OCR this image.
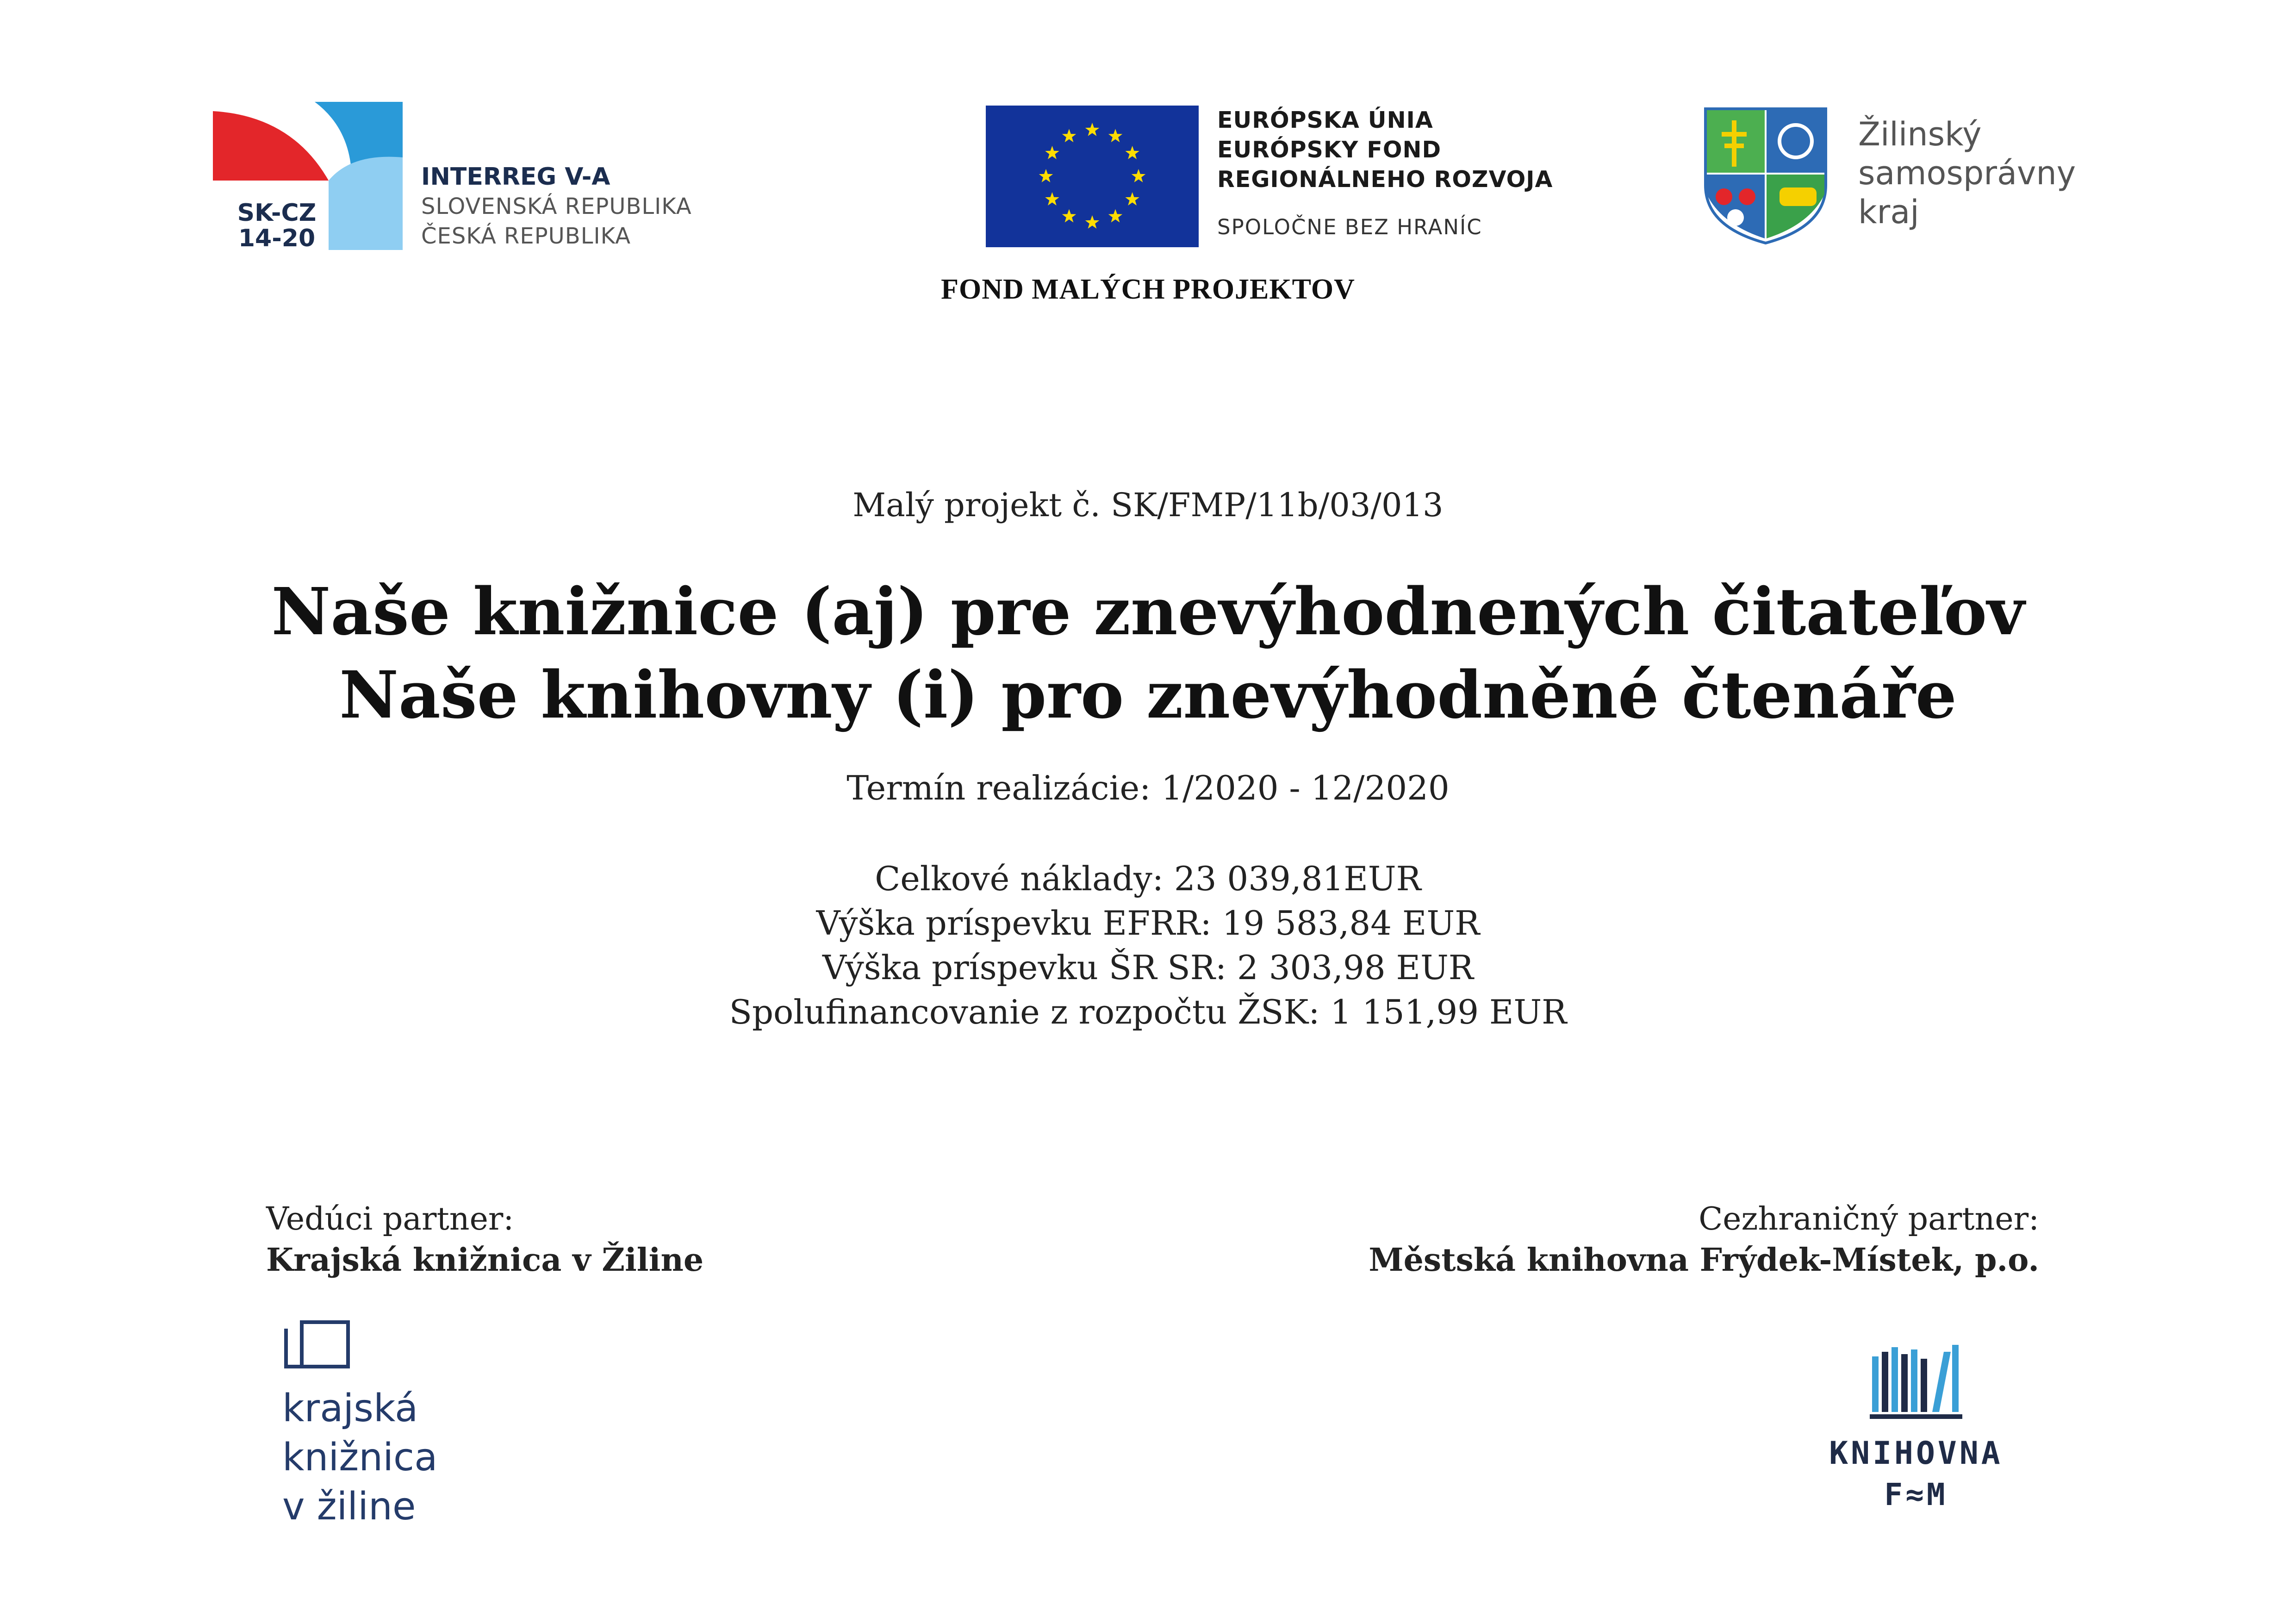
SK-CZ
14-20
INTERREG V-A
SLOVENSKÁ REPUBLIKA
ČESKÁ REPUBLIKA
EURÓPSKA ÚNIA
EURÓPSKY FOND
REGIONÁLNEHO ROZVOJA
SPOLOČNE BEZ HRANÍC
Žilinský
samosprávny
kraj
FOND MALÝCH PROJEKTOV
Malý projekt č. SK/FMP/11b/03/013
Naše knižnice (aj) pre znevýhodnených čitateľov
Naše knihovny (i) pro znevýhodněné čtenáře
Termín realizácie: 1/2020 - 12/2020
Celkové náklady: 23 039,81EUR
Výška príspevku EFRR: 19 583,84 EUR
Výška príspevku ŠR SR: 2 303,98 EUR
Spolufinancovanie z rozpočtu ŽSK: 1 151,99 EUR
Vedúci partner:
Krajská knižnica v Žiline
Cezhraničný partner:
Městská knihovna Frýdek-Místek, p.o.
krajská
knižnica
v žiline
KNIHOVNA
F≈M
